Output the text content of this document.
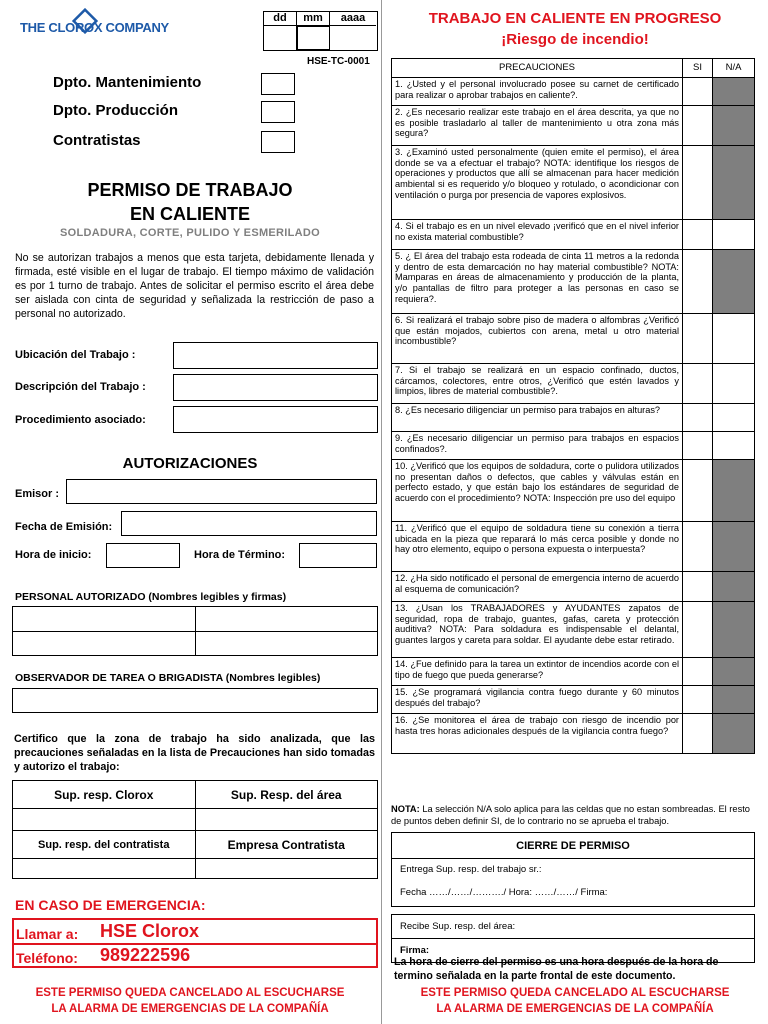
THE CLOROX COMPANY
dd	mm	aaaa
HSE-TC-0001
Dpto. Mantenimiento
Dpto. Producción
Contratistas
PERMISO DE TRABAJO
EN CALIENTE
SOLDADURA, CORTE, PULIDO Y ESMERILADO
No se autorizan trabajos a menos que esta tarjeta, debidamente llenada y firmada, esté visible en el lugar de trabajo. El tiempo máximo de validación es por 1 turno de trabajo. Antes de solicitar el permiso escrito el área debe ser aislada con cinta de seguridad y señalizada la restricción de paso a personal no autorizado.
Ubicación del Trabajo :
Descripción del Trabajo :
Procedimiento asociado:
AUTORIZACIONES
Emisor :
Fecha de Emisión:
Hora de inicio:	Hora de Término:
PERSONAL AUTORIZADO (Nombres legibles y firmas)

OBSERVADOR DE TAREA O BRIGADISTA (Nombres legibles)
Certifico que la zona de trabajo ha sido analizada, que las precauciones señaladas en la lista de Precauciones han sido tomadas y autorizo el trabajo:
Sup. resp. Clorox	Sup. Resp. del área

Sup. resp. del contratista	Empresa Contratista

EN CASO DE EMERGENCIA:
Llamar a: HSE Clorox
Teléfono: 989222596
ESTE PERMISO QUEDA CANCELADO AL ESCUCHARSE
LA ALARMA DE EMERGENCIAS DE LA COMPAÑÍA
TRABAJO EN CALIENTE EN PROGRESO
¡Riesgo de incendio!
PRECAUCIONES	SI	N/A
1. ¿Usted y el personal involucrado posee su carnet de certificado para realizar o aprobar trabajos en caliente?.		
2. ¿Es necesario realizar este trabajo en el área descrita, ya que no es posible trasladarlo al taller de mantenimiento u otra zona más segura?		
3. ¿Examinó usted personalmente (quien emite el permiso), el área donde se va a efectuar el trabajo? NOTA: identifique los riesgos de operaciones y productos que allí se almacenan para hacer medición ambiental si es requerido y/o bloqueo y rotulado, o acondicionar con ventilación o purga por presencia de vapores explosivos.		
4. Si el trabajo es en un nivel elevado ¡verificó que en el nivel inferior no exista material combustible?		
5. ¿ El área del trabajo esta rodeada de cinta 11 metros a la redonda y dentro de esta demarcación no hay material combustible? NOTA: Mamparas en áreas de almacenamiento y producción de la planta, y/o pantallas de filtro para proteger a las personas en caso se requiera?.		
6. Si realizará el trabajo sobre piso de madera o alfombras ¿Verificó que están mojados, cubiertos con arena, metal u otro material incombustible?		
7. Si el trabajo se realizará en un espacio confinado, ductos, cárcamos, colectores, entre otros, ¿Verificó que estén lavados y limpios, libres de material combustible?.		
8. ¿Es necesario diligenciar un permiso para trabajos en alturas?		
9. ¿Es necesario diligenciar un permiso para trabajos en espacios confinados?.		
10. ¿Verificó que los equipos de soldadura, corte o pulidora utilizados no presentan daños o defectos, que cables y válvulas están en perfecto estado, y que están bajo los estándares de seguridad de acuerdo con el procedimiento? NOTA: Inspección pre uso del equipo		
11. ¿Verificó que el equipo de soldadura tiene su conexión a tierra ubicada en la pieza que reparará lo más cerca posible y donde no hay otro elemento, equipo o persona expuesta o interpuesta?		
12. ¿Ha sido notificado el personal de emergencia interno de acuerdo al esquema de comunicación?		
13. ¿Usan los TRABAJADORES y AYUDANTES zapatos de seguridad, ropa de trabajo, guantes, gafas, careta y protección auditiva? NOTA: Para soldadura es indispensable el delantal, guantes largos y careta para soldar. El ayudante debe estar retirado.		
14. ¿Fue definido para la tarea un extintor de incendios acorde con el tipo de fuego que pueda generarse?		
15. ¿Se programará vigilancia contra fuego durante y 60 minutos después del trabajo?		
16. ¿Se monitorea el área de trabajo con riesgo de incendio por hasta tres horas adicionales después de la vigilancia contra fuego?		
NOTA: La selección N/A solo aplica para las celdas que no estan sombreadas. El resto de puntos deben definir SI, de lo contrario no se aprueba el trabajo.
CIERRE DE PERMISO

Entrega Sup. resp. del trabajo sr.:
Fecha ……/……/………./ Hora: ……/……/ Firma:

Recibe Sup. resp. del área:
Firma:
La hora de cierre del permiso es una hora después de la hora de termino señalada en la parte frontal de este documento.
ESTE PERMISO QUEDA CANCELADO AL ESCUCHARSE
LA ALARMA DE EMERGENCIAS DE LA COMPAÑÍA
